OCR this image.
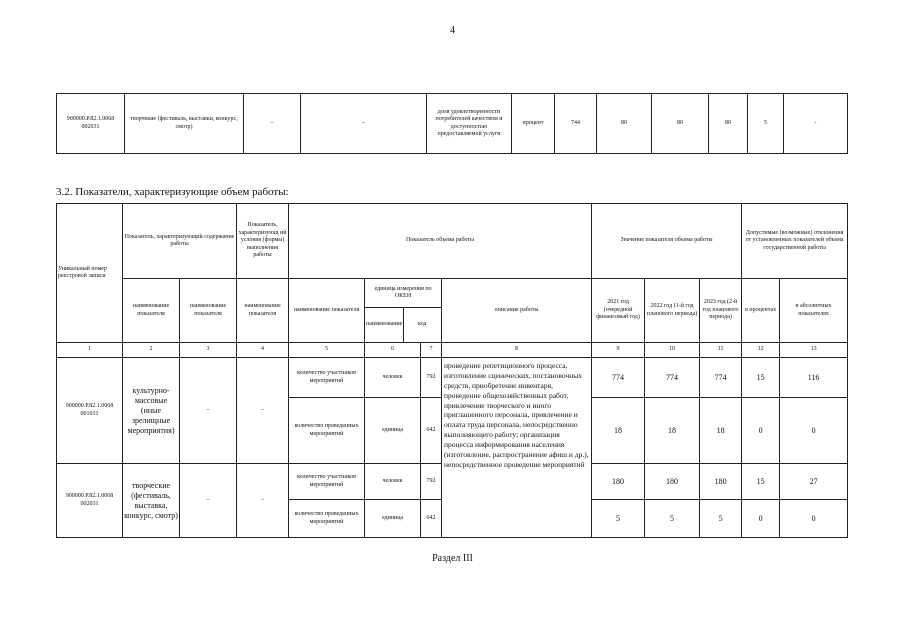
4
900000.Р.82.1.0068
002031	творчекие (фестиваль, выставки, конкурс, смотр)	–	–	доля удовлетворенности потребителей качеством и доступностью предоставляемой услуги	процент	744	80	80	80	5	-
3.2. Показатели, характеризующие объем работы:
Уникальный номер реестровой записи	Показатель, характеризующий содержание работы	Показатель, характеризующ ий условия (формы) выполнения работы	Показатель объема работы	Значение показателя объема работы	Допустимые (возможные) отклонения от установленных показателей объема государственной работы
наименование показателя	наименование показателя	наименование показателя	наименование показателя	
единица измерения по ОКЕИ
наименование	код
	описание работы	2021 год (очередной финансовый год)	2022 год (1-й год планового периода)	2023 год (2-й год планового периода)	в процентах	в абсолютных показателях
1	2	3	4	5	6	7	8	9	10	11	12	13
900000.Р.82.1.0068
001031	культурно-массовые (иные зрелищные мероприятия)	–	–	количество участников мероприятий	человек	792	проведение репетиционного процесса, изготовление сценических, постановочных средств, приобретение инвентаря, проведение общехозяйственных работ, привлечение творческого и иного приглашенного персонала, привлечение и оплата труда персонала, непосредственно выполняющего работу; организация процесса информирования населения (изготовление, распространение афиш и др.), непосредственное проведение мероприятий	774	774	774	15	116
количество проведенных мероприятий	единица	642	18	18	18	0	0
900000.Р.82.1.0068
002031	творческие (фестиваль, выставка, конкурс, смотр)	–	–	количество участников мероприятий	человек	792	180	180	180	15	27
количество проведенных мероприятий	единица	642	5	5	5	0	0
Раздел III
